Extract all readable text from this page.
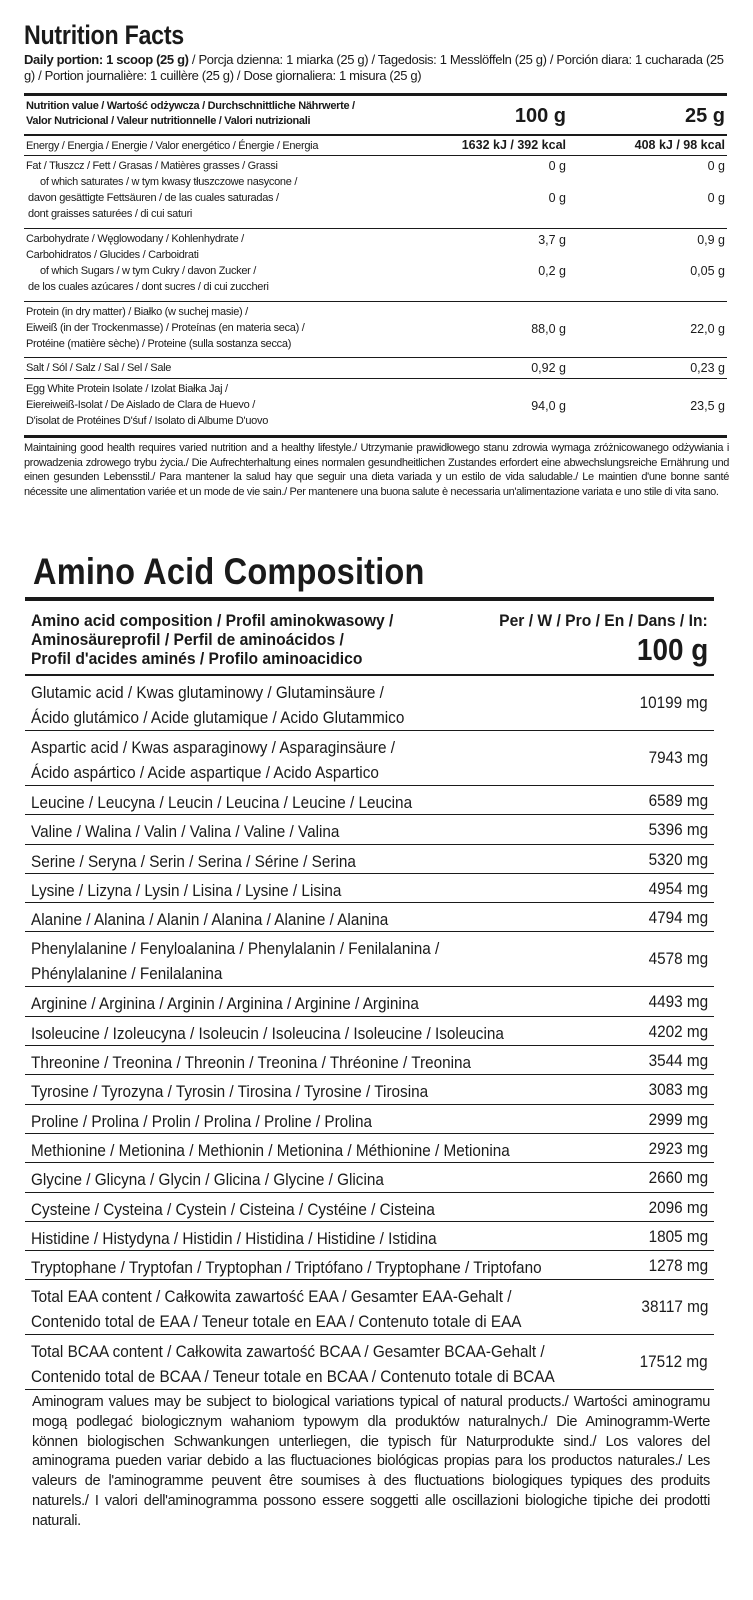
Nutrition Facts
Daily portion: 1 scoop (25 g) / Porcja dzienna: 1 miarka (25 g) / Tagedosis: 1 Messlöffeln (25 g) / Porción diara: 1 cucharada (25 g) / Portion journalière: 1 cuillère (25 g) / Dose giornaliera: 1 misura (25 g)
Nutrition value / Wartość odżywcza / Durchschnittliche Nährwerte /
Valor Nutricional / Valeur nutritionnelle / Valori nutrizionali	100 g	25 g
Energy / Energia / Energie / Valor energético / Énergie / Energia	1632 kJ / 392 kcal	408 kJ / 98 kcal
Fat / Tłuszcz / Fett / Grasas / Matières grasses / Grassi
of which saturates / w tym kwasy tłuszczowe nasycone /
davon gesättigte Fettsäuren / de las cuales saturadas /
dont graisses saturées / di cui saturi
0 g	0 g
0 g	0 g
Carbohydrate / Węglowodany / Kohlenhydrate /
Carbohidratos / Glucides / Carboidrati
of which Sugars / w tym Cukry / davon Zucker /
de los cuales azúcares / dont sucres / di cui zuccheri
3,7 g	0,9 g
0,2 g	0,05 g
Protein (in dry matter) / Białko (w suchej masie) /
Eiweiß (in der Trockenmasse) / Proteínas (en materia seca) /
Protéine (matière sèche) / Proteine (sulla sostanza secca)
88,0 g	22,0 g
Salt / Sól / Salz / Sal / Sel / Sale	0,92 g	0,23 g
Egg White Protein Isolate / Izolat Białka Jaj /
Eiereiweiß-Isolat / De Aislado de Clara de Huevo /
D'isolat de Protéines D'śuf / Isolato di Albume D'uovo
94,0 g	23,5 g
Maintaining good health requires varied nutrition and a healthy lifestyle./ Utrzymanie prawidłowego stanu zdrowia wymaga zróżnicowanego odżywiania i prowadzenia zdrowego trybu życia./ Die Aufrechterhaltung eines normalen gesundheitlichen Zustandes erfordert eine abwechslungsreiche Ernährung und einen gesunden Lebensstil./ Para mantener la salud hay que seguir una dieta variada y un estilo de vida saludable./ Le maintien d'une bonne santé nécessite une alimentation variée et un mode de vie sain./ Per mantenere una buona salute è necessaria un'alimentazione variata e uno stile di vita sano.
Amino Acid Composition
Amino acid composition / Profil aminokwasowy /
Aminosäureprofil / Perfil de aminoácidos /
Profil d'acides aminés / Profilo aminoacidico
Per / W / Pro / En / Dans / In:
100 g
Glutamic acid / Kwas glutaminowy / Glutaminsäure /
Ácido glutámico / Acide glutamique / Acido Glutammico
10199 mg
Aspartic acid / Kwas asparaginowy / Asparaginsäure /
Ácido aspártico / Acide aspartique / Acido Aspartico
7943 mg
Leucine / Leucyna / Leucin / Leucina / Leucine / Leucina	6589 mg
Valine / Walina / Valin / Valina / Valine / Valina	5396 mg
Serine / Seryna / Serin / Serina / Sérine / Serina	5320 mg
Lysine / Lizyna / Lysin / Lisina / Lysine / Lisina	4954 mg
Alanine / Alanina / Alanin / Alanina / Alanine / Alanina	4794 mg
Phenylalanine / Fenyloalanina / Phenylalanin / Fenilalanina /
Phénylalanine / Fenilalanina
4578 mg
Arginine / Arginina / Arginin / Arginina / Arginine / Arginina	4493 mg
Isoleucine / Izoleucyna / Isoleucin / Isoleucina / Isoleucine / Isoleucina	4202 mg
Threonine / Treonina / Threonin / Treonina / Thréonine / Treonina	3544 mg
Tyrosine / Tyrozyna / Tyrosin / Tirosina / Tyrosine / Tirosina	3083 mg
Proline / Prolina / Prolin / Prolina / Proline / Prolina	2999 mg
Methionine / Metionina / Methionin / Metionina / Méthionine / Metionina	2923 mg
Glycine / Glicyna / Glycin / Glicina / Glycine / Glicina	2660 mg
Cysteine / Cysteina / Cystein / Cisteina / Cystéine / Cisteina	2096 mg
Histidine / Histydyna / Histidin / Histidina / Histidine / Istidina	1805 mg
Tryptophane / Tryptofan / Tryptophan / Triptófano / Tryptophane / Triptofano	1278 mg
Total EAA content / Całkowita zawartość EAA / Gesamter EAA-Gehalt /
Contenido total de EAA / Teneur totale en EAA / Contenuto totale di EAA
38117 mg
Total BCAA content / Całkowita zawartość BCAA / Gesamter BCAA-Gehalt /
Contenido total de BCAA / Teneur totale en BCAA / Contenuto totale di BCAA
17512 mg
Aminogram values may be subject to biological variations typical of natural products./ Wartości aminogramu mogą podlegać biologicznym wahaniom typowym dla produktów naturalnych./ Die Aminogramm-Werte können biologischen Schwankungen unterliegen, die typisch für Naturprodukte sind./ Los valores del aminograma pueden variar debido a las fluctuaciones biológicas propias para los productos naturales./ Les valeurs de l'aminogramme peuvent être soumises à des fluctuations biologiques typiques des produits naturels./ I valori dell'aminogramma possono essere soggetti alle oscillazioni biologiche tipiche dei prodotti naturali.
